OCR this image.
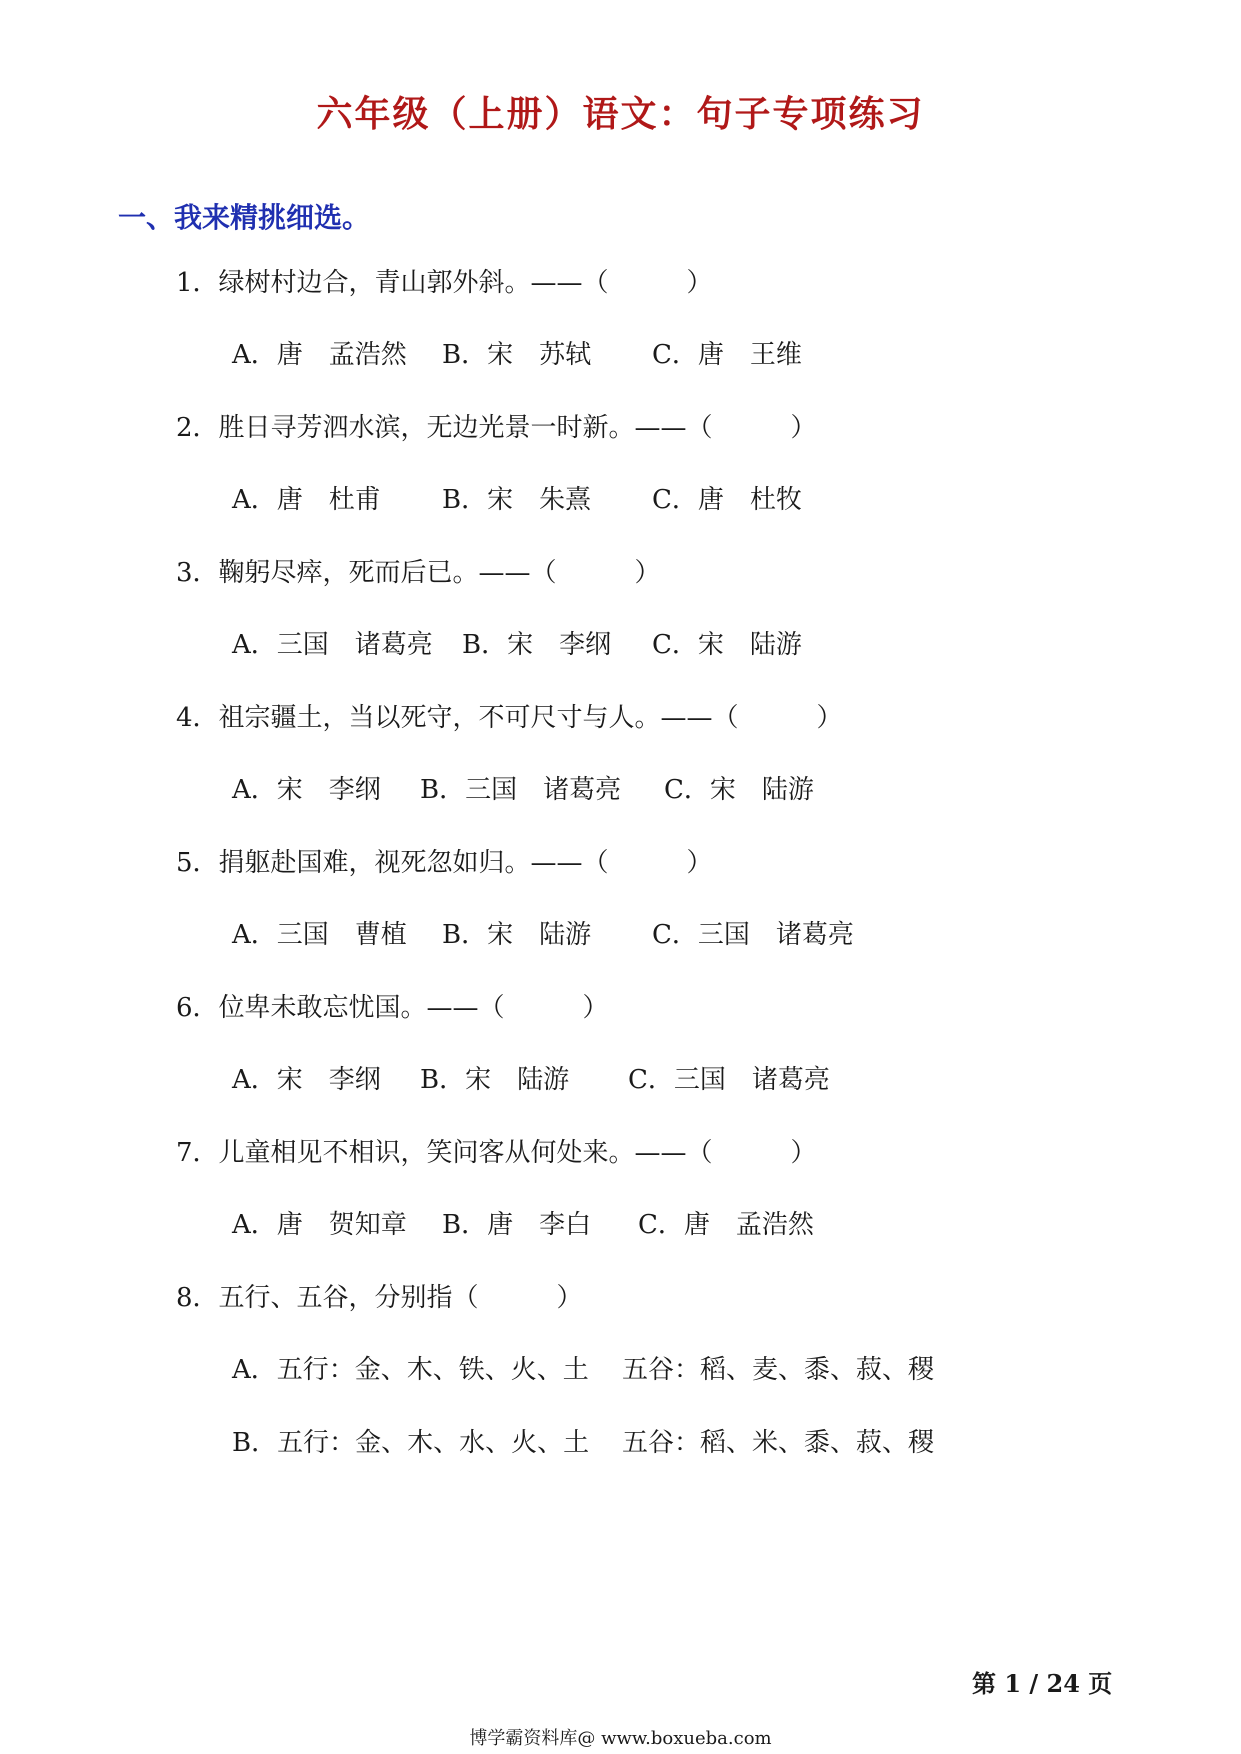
六年级（上册）语文：句子专项练习
一、我来精挑细选。
1．绿树村边合，青山郭外斜。——（　　　）
A．唐　孟浩然 B．宋　苏轼 C．唐　王维
2．胜日寻芳泗水滨，无边光景一时新。——（　　　）
A．唐　杜甫 B．宋　朱熹 C．唐　杜牧
3．鞠躬尽瘁，死而后已。——（　　　）
A．三国　诸葛亮 B．宋　李纲 C．宋　陆游
4．祖宗疆土，当以死守，不可尺寸与人。——（　　　）
A．宋　李纲 B．三国　诸葛亮 C．宋　陆游
5．捐躯赴国难，视死忽如归。——（　　　）
A．三国　曹植 B．宋　陆游 C．三国　诸葛亮
6．位卑未敢忘忧国。——（　　　）
A．宋　李纲 B．宋　陆游 C．三国　诸葛亮
7．儿童相见不相识，笑问客从何处来。——（　　　）
A．唐　贺知章 B．唐　李白 C．唐　孟浩然
8．五行、五谷，分别指（　　　）
A．五行：金、木、铁、火、土 五谷：稻、麦、黍、菽、稷
B．五行：金、木、水、火、土 五谷：稻、米、黍、菽、稷
第 1 / 24 页
博学霸资料库@ www.boxueba.com
